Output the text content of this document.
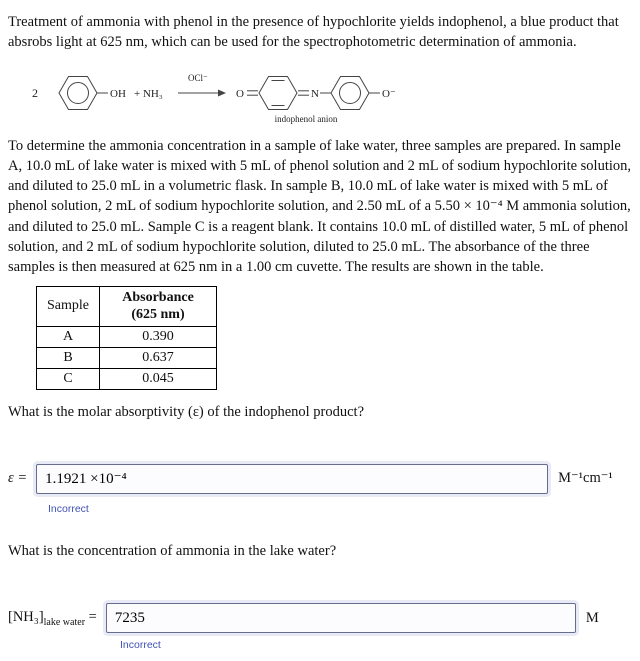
Treatment of ammonia with phenol in the presence of hypochlorite yields indophenol, a blue product that absrobs light at 625 nm, which can be used for the spectrophotometric determination of ammonia.

2	OH + NH₃
OCl⁻
O	N	O⁻
indophenol anion

To determine the ammonia concentration in a sample of lake water, three samples are prepared. In sample A, 10.0 mL of lake water is mixed with 5 mL of phenol solution and 2 mL of sodium hypochlorite solution, and diluted to 25.0 mL in a volumetric flask. In sample B, 10.0 mL of lake water is mixed with 5 mL of phenol solution, 2 mL of sodium hypochlorite solution, and 2.50 mL of a 5.50 × 10⁻⁴ M ammonia solution, and diluted to 25.0 mL. Sample C is a reagent blank. It contains 10.0 mL of distilled water, 5 mL of phenol solution, and 2 mL of sodium hypochlorite solution, diluted to 25.0 mL. The absorbance of the three samples is then measured at 625 nm in a 1.00 cm cuvette. The results are shown in the table.

Sample	Absorbance
(625 nm)

A	0.390
B	0.637
C	0.045

What is the molar absorptivity (ε) of the indophenol product?

ε =
1.1921 ×10⁻⁴	M⁻¹cm⁻¹
Incorrect

What is the concentration of ammonia in the lake water?

$[NH_3]_{lake water}$ =
7235	M
Incorrect
